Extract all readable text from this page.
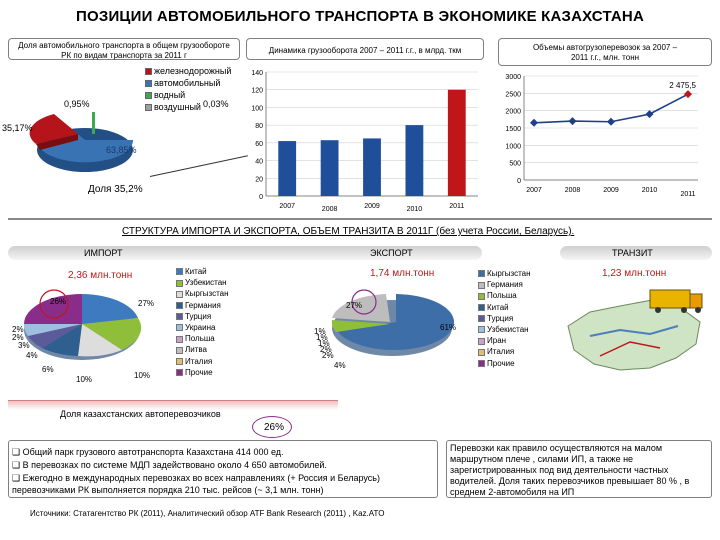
ПОЗИЦИИ АВТОМОБИЛЬНОГО ТРАНСПОРТА В ЭКОНОМИКЕ КАЗАХСТАНА
Доля автомобильного транспорта в общем грузообороте РК по видам транспорта за 2011 г
железнодорожный
автомобильный
водный
воздушный
0,95%	0,03%
35,17%
63,85%
Доля 35,2%
Динамика грузооборота 2007 – 2011 г.г., в млрд. ткм
140
120
100
80
60
40
20
0
2007	2008	2009	2010	2011
Объемы автогрузоперевозок за 2007 – 2011 г.г., млн. тонн
3000
2500
2000
1500
1000
500
0
2007	2008	2009	2010
2011
2 475,5
СТРУКТУРА ИМПОРТА И ЭКСПОРТА, ОБЪЕМ ТРАНЗИТА В 2011Г (без учета России, Беларусь).
ИМПОРТ
2,36 млн.тонн
26%	27%
10%	10%
6%
4%
3%
2%
2%
Китай
Узбекистан
Кыргызстан
Германия
Турция
Украина
Польша
Литва
Италия
Прочие
ЭКСПОРТ
1,74 млн.тонн
27%
61%
4%
2%
2%
1%
1%
1%
Кыргызстан
Германия
Польша
Китай
Турция
Узбекистан
Иран
Италия
Прочие
ТРАНЗИТ
1,23 млн.тонн
Доля казахстанских автоперевозчиков
26%
❑ Общий парк грузового автотранспорта Казахстана 414 000 ед.
❑ В перевозках по системе МДП задействовано около 4 650 автомобилей.
❑ Ежегодно в международных перевозках во всех направлениях (+ Россия и Беларусь) перевозчиками РК выполняется порядка 210 тыс. рейсов (~ 3,1 млн. тонн)
Перевозки как правило осуществляются на малом маршрутном плече , силами ИП, а также не зарегистрированных под вид деятельности частных водителей. Доля таких перевозчиков превышает 80 % , в среднем 2-автомобиля на ИП
Источники: Статагентство РК (2011), Аналитический обзор ATF Bank Research (2011) , Kaz.ATO
